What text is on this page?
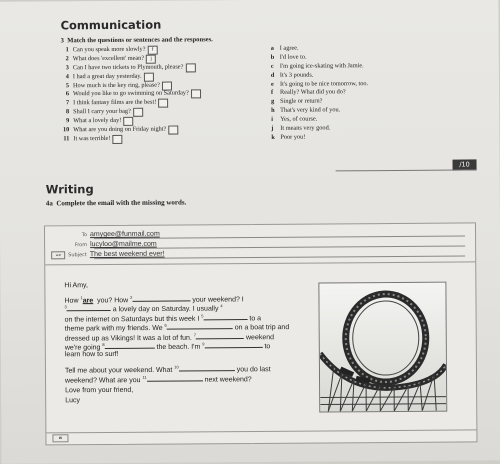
Communication
3 Match the questions or sentences and the responses.
1 Can you speak more slowly?	f
2 What does 'excellent' mean?	j
3 Can I have two tickets to Plymouth, please?
4 I had a great day yesterday.
5 How much is the key ring, please?
6 Would you like to go swimming on Saturday?
7 I think fantasy films are the best!
8 Shall I carry your bag?
9 What a lovely day!
10 What are you doing on Friday night?
11 It was terrible!
a I agree.
b I'd love to.
c I'm going ice-skating with Jamie.
d It's 3 pounds.
e It's going to be nice tomorrow, too.
f Really? What did you do?
g Single or return?
h That's very kind of you.
i Yes, of course.
j It means very good.
k Poor you!
/10
Writing
4a Complete the email with the missing words.
To amygee@funmail.com
From lucyloo@mailme.com
≡▾	Subject The best weekend ever!
Hi Amy,
How $^1$are you? How $^2$	your weekend? I
$^3$	a lovely day on Saturday. I usually $^4$
on the internet on Saturdays but this week I $^5$	to a
theme park with my friends. We $^6$	on a boat trip and
dressed up as Vikings! It was a lot of fun. $^7$	weekend
we're going $^8$	the beach. I'm $^9$	to
learn how to surf!
Tell me about your weekend. What $^{10}$	you do last
weekend? What are you $^{11}$	next weekend?
Love from your friend,
Lucy
✉
